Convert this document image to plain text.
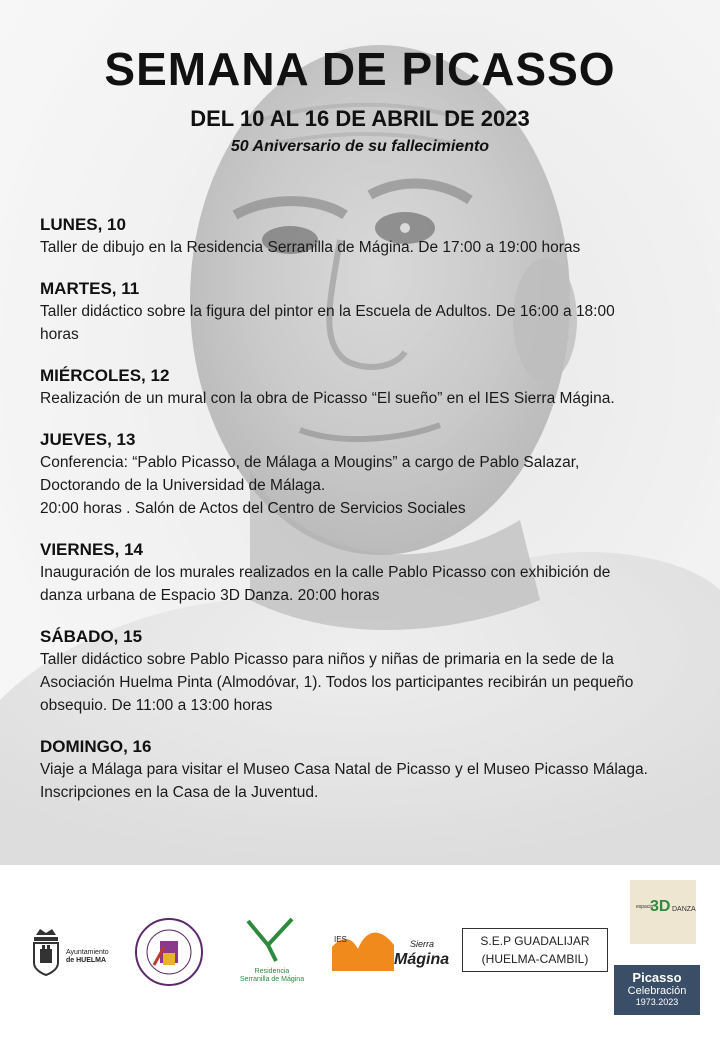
SEMANA DE PICASSO
DEL 10 AL 16 DE ABRIL DE 2023
50 Aniversario de su fallecimiento
LUNES, 10
Taller de dibujo en la Residencia Serranilla de Mágina. De 17:00 a 19:00 horas
MARTES, 11
Taller didáctico sobre la figura del pintor en la Escuela de Adultos. De 16:00 a 18:00
horas
MIÉRCOLES, 12
Realización de un mural con la obra de Picasso “El sueño” en el IES Sierra Mágina.
JUEVES, 13
Conferencia: “Pablo Picasso, de Málaga a Mougins” a cargo de Pablo Salazar,
Doctorando de la Universidad de Málaga.
20:00 horas . Salón de Actos del Centro de Servicios Sociales
VIERNES, 14
Inauguración de los murales realizados en la calle Pablo Picasso con exhibición de
danza urbana de Espacio 3D Danza. 20:00 horas
SÁBADO, 15
Taller didáctico sobre Pablo Picasso para niños y niñas de primaria en la sede de la
Asociación Huelma Pinta (Almodóvar, 1). Todos los participantes recibirán un pequeño
obsequio. De 11:00 a 13:00 horas
DOMINGO, 16
Viaje a Málaga para visitar el Museo Casa Natal de Picasso y el Museo Picasso Málaga.
Inscripciones en la Casa de la Juventud.
Ayuntamiento
de HUELMA
Residencia
Serranilla de Mágina
IES	Sierra
Mágina
S.E.P GUADALIJAR
(HUELMA-CAMBIL)
espacio
3D DANZA
Picasso
Celebración
1973.2023
